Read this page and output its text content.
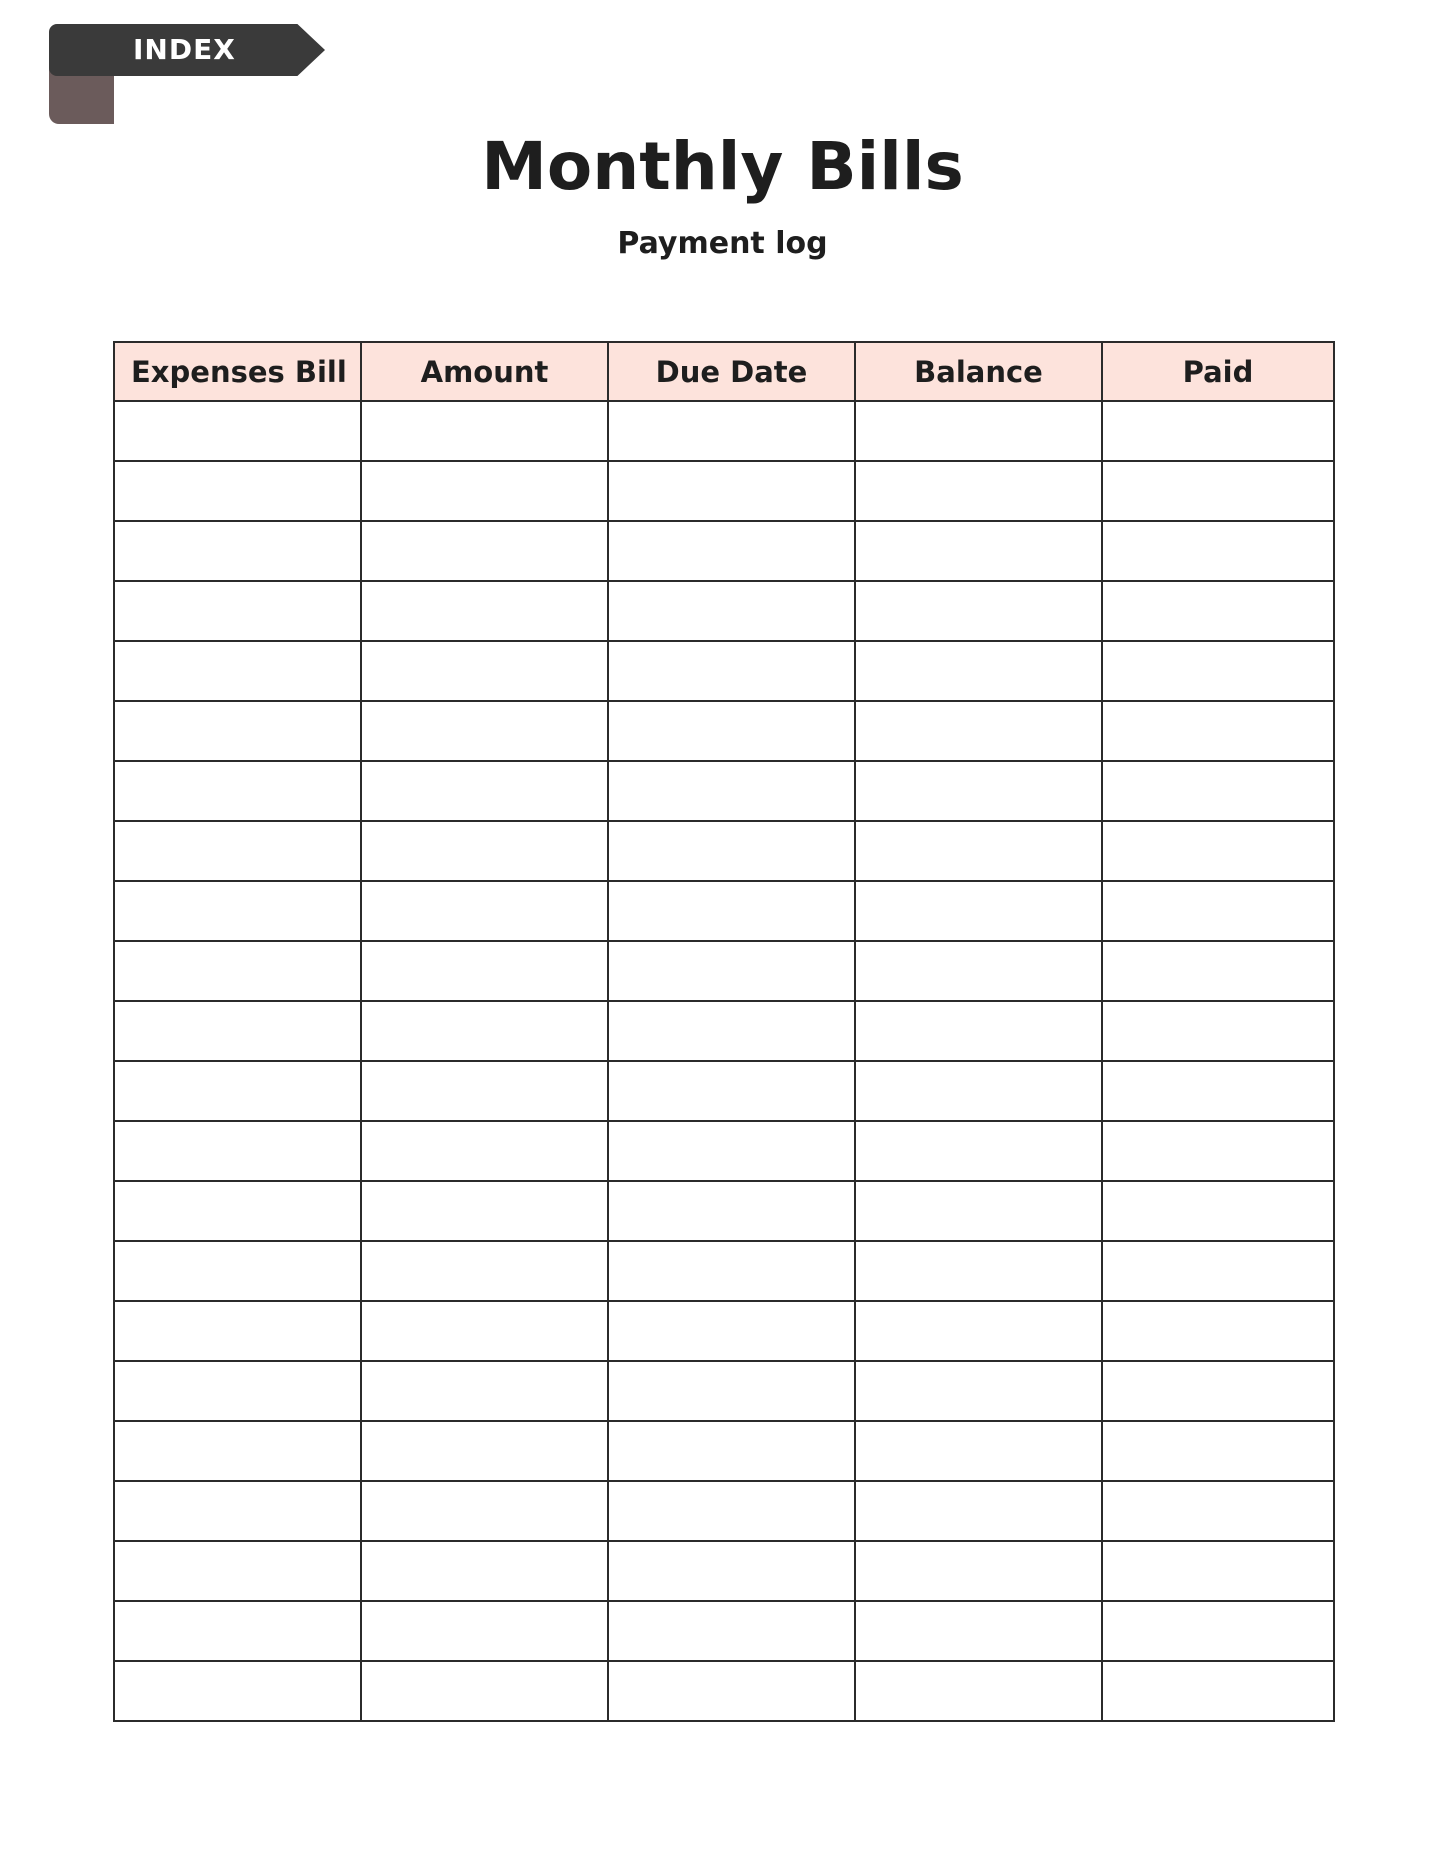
INDEX
Monthly Bills
Payment log
Expenses Bill	Amount	Due Date	Balance	Paid
